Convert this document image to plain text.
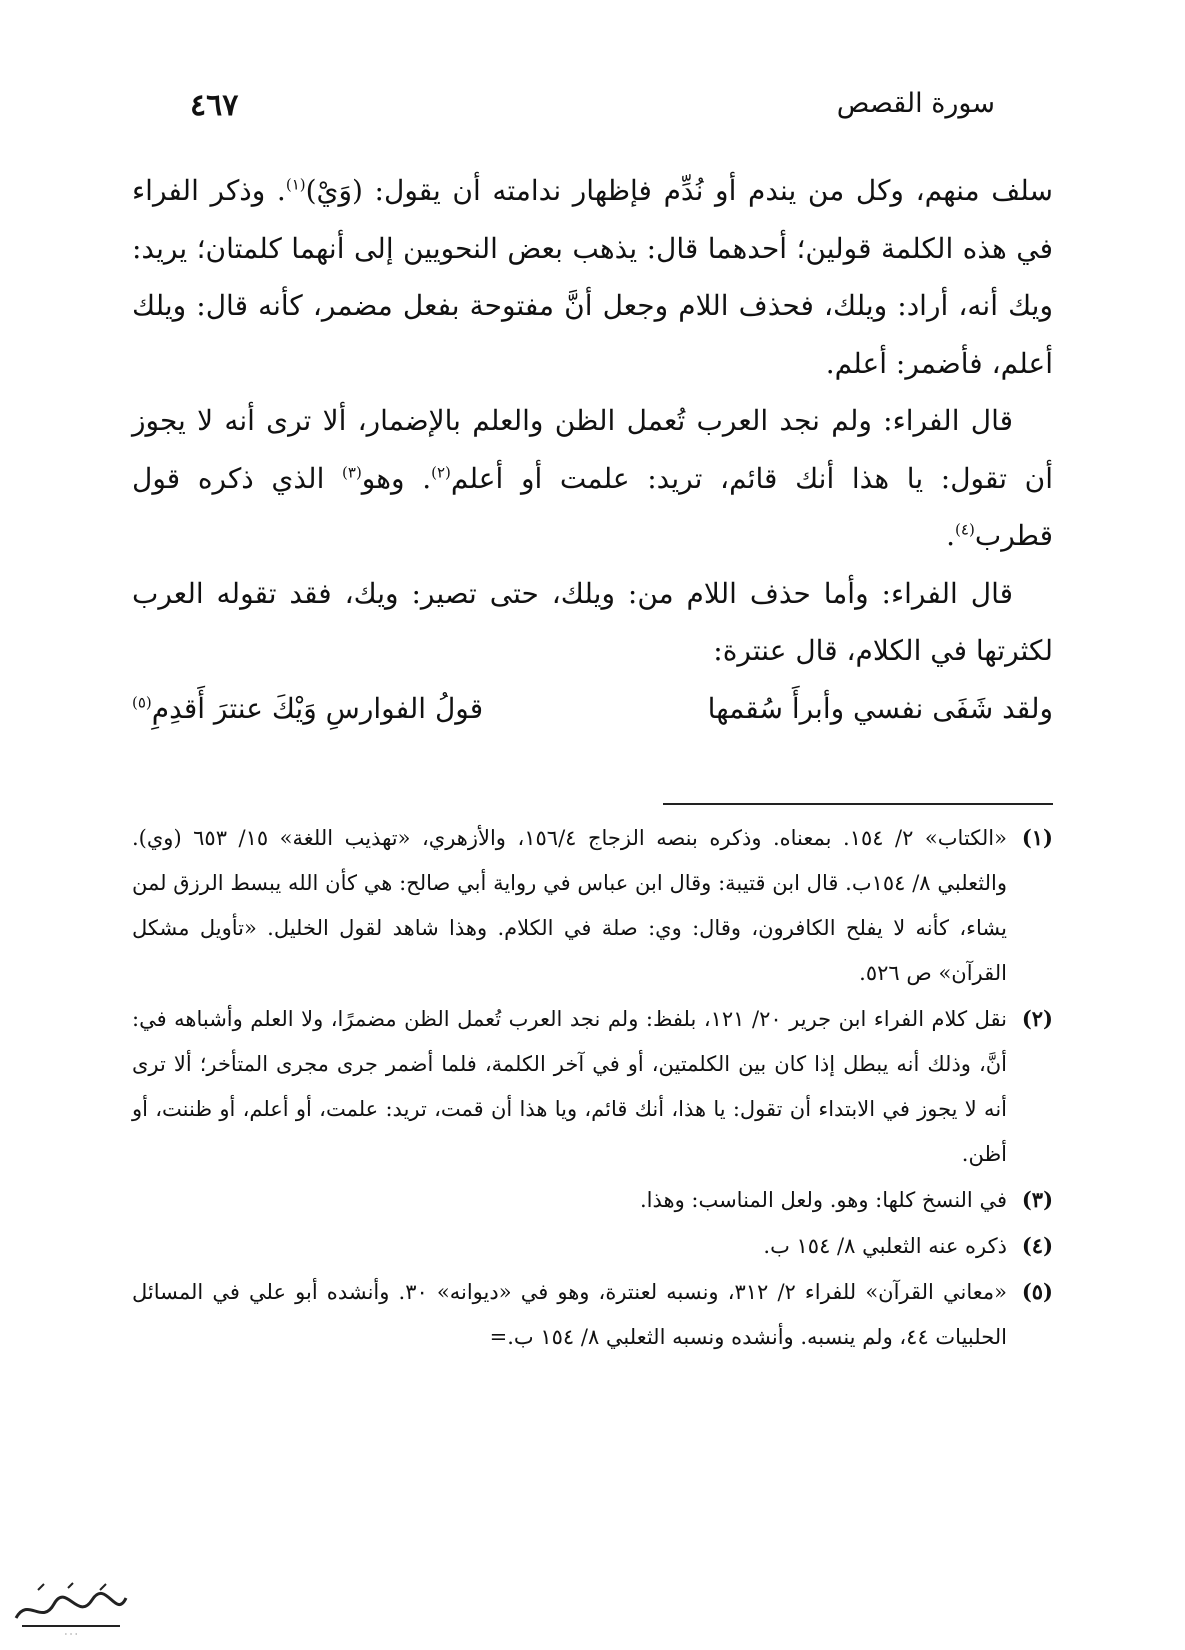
سورة القصص
٤٦٧

سلف منهم، وكل من يندم أو نُدِّم فإظهار ندامته أن يقول: (وَيْ)$^{(١)}$. وذكر الفراء في هذه الكلمة قولين؛ أحدهما قال: يذهب بعض النحويين إلى أنهما كلمتان؛ يريد: ويك أنه، أراد: ويلك، فحذف اللام وجعل أنَّ مفتوحة بفعل مضمر، كأنه قال: ويلك أعلم، فأضمر: أعلم.

قال الفراء: ولم نجد العرب تُعمل الظن والعلم بالإضمار، ألا ترى أنه لا يجوز أن تقول: يا هذا أنك قائم، تريد: علمت أو أعلم$^{(٢)}$. وهو$^{(٣)}$ الذي ذكره قول قطرب$^{(٤)}$.

قال الفراء: وأما حذف اللام من: ويلك، حتى تصير: ويك، فقد تقوله العرب لكثرتها في الكلام، قال عنترة:

ولقد شَفَى نفسي وأبرأَ سُقمها
قولُ الفوارسِ وَيْكَ عنترَ أَقدِمِ$^{(٥)}$

(١)«الكتاب» ٢/ ١٥٤. بمعناه. وذكره بنصه الزجاج ١٥٦/٤، والأزهري، «تهذيب اللغة» ١٥/ ٦٥٣ (وي). والثعلبي ٨/ ١٥٤ب. قال ابن قتيبة: وقال ابن عباس في رواية أبي صالح: هي كأن الله يبسط الرزق لمن يشاء، كأنه لا يفلح الكافرون، وقال: وي: صلة في الكلام. وهذا شاهد لقول الخليل. «تأويل مشكل القرآن» ص ٥٢٦.

(٢)نقل كلام الفراء ابن جرير ٢٠/ ١٢١، بلفظ: ولم نجد العرب تُعمل الظن مضمرًا، ولا العلم وأشباهه في: أنَّ، وذلك أنه يبطل إذا كان بين الكلمتين، أو في آخر الكلمة، فلما أضمر جرى مجرى المتأخر؛ ألا ترى أنه لا يجوز في الابتداء أن تقول: يا هذا، أنك قائم، ويا هذا أن قمت، تريد: علمت، أو أعلم، أو ظننت، أو أظن.

(٣)في النسخ كلها: وهو. ولعل المناسب: وهذا.

(٤)ذكره عنه الثعلبي ٨/ ١٥٤ ب.

(٥)«معاني القرآن» للفراء ٢/ ٣١٢، ونسبه لعنترة، وهو في «ديوانه» ٣٠. وأنشده أبو علي في المسائل الحلبيات ٤٤، ولم ينسبه. وأنشده ونسبه الثعلبي ٨/ ١٥٤ ب.=

· · ·
